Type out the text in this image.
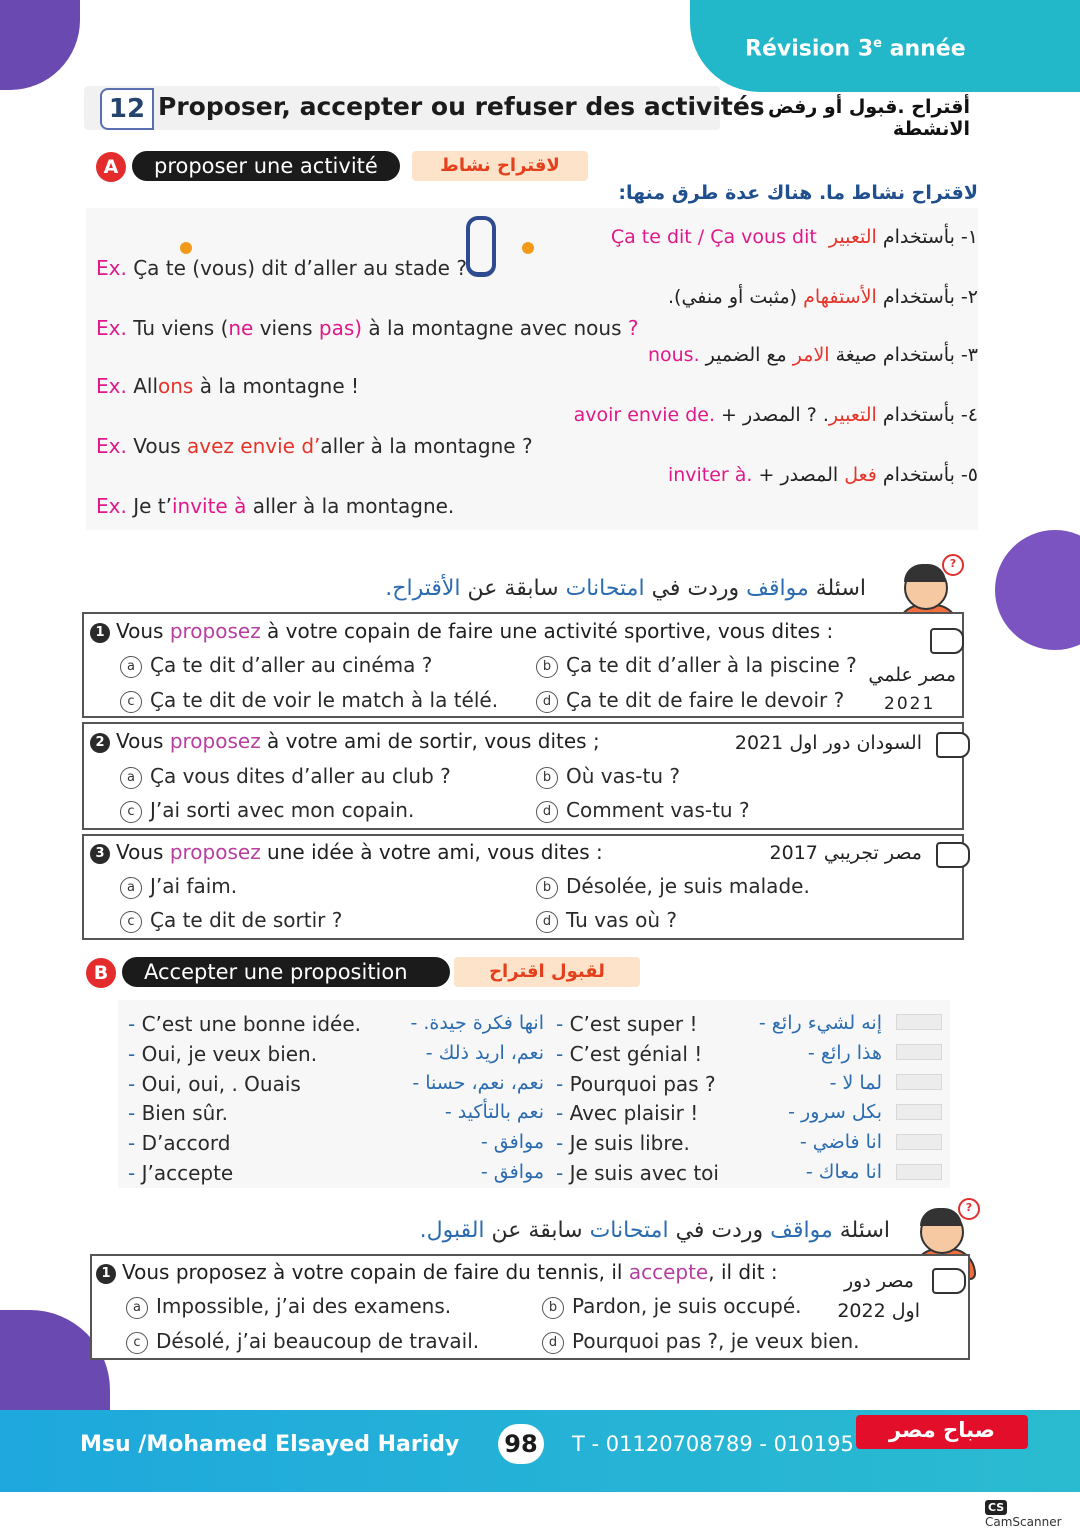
Révision 3e année
12 Proposer, accepter ou refuser des activités أقتراح .قبول أو رفض الانشطة
A	proposer une activité	لاقتراح نشاط
لاقتراح نشاط ما. هناك عدة طرق منها:
١- بأستخدام التعبير  Ça te dit / Ça vous dit
Ex. Ça te (vous) dit d’aller au stade ?
٢- بأستخدام الأستفهام (مثبت أو منفي).
Ex. Tu viens (ne viens pas) à la montagne avec nous ?
٣- بأستخدام صيغة الامر مع الضمير nous.
Ex. Allons à la montagne !
٤- بأستخدام التعبير. ? المصدر + avoir envie de.
Ex. Vous avez envie d’aller à la montagne ?
٥- بأستخدام فعل المصدر + inviter à.
Ex. Je t’invite à aller à la montagne.
?
اسئلة مواقف وردت في امتحانات سابقة عن الأقتراح.
1 Vous proposez à votre copain de faire une activité sportive, vous dites :
a Ça te dit d’aller au cinéma ?	b Ça te dit d’aller à la piscine ?
c Ça te dit de voir le match à la télé.	d Ça te dit de faire le devoir ?
مصر علمي
2021
2 Vous proposez à votre ami de sortir, vous dites ;
a Ça vous dites d’aller au club ?	b Où vas-tu ?
c J’ai sorti avec mon copain.	d Comment vas-tu ?
السودان دور اول 2021
3 Vous proposez une idée à votre ami, vous dites :
a J’ai faim.	b Désolée, je suis malade.
c Ça te dit de sortir ?	d Tu vas où ?
مصر تجريبي 2017
B	Accepter une proposition	لقبول اقتراح
- C’est une bonne idée.	انها فكرة جيدة. -	- C’est super !	إنه لشيء رائع -
- Oui, je veux bien.	نعم، اريد ذلك -	- C’est génial !	هذا رائع -
- Oui, oui, . Ouais	نعم، نعم، حسنا -	- Pourquoi pas ?	لما لا -
- Bien sûr.	نعم بالتأكيد -	- Avec plaisir !	بكل سرور -
- D’accord	موافق -	- Je suis libre.	انا فاضي -
- J’accepte	موافق -	- Je suis avec toi	انا معاك -
?
اسئلة مواقف وردت في امتحانات سابقة عن القبول.
1 Vous proposez à votre copain de faire du tennis, il accepte, il dit :
a Impossible, j’ai des examens.	b Pardon, je suis occupé.
c Désolé, j’ai beaucoup de travail.	d Pourquoi pas ?, je veux bien.
مصر دور
اول 2022
Msu /Mohamed Elsayed Haridy 98 T - 01120708789 - 010195
صباح مصر
CSCamScanner
